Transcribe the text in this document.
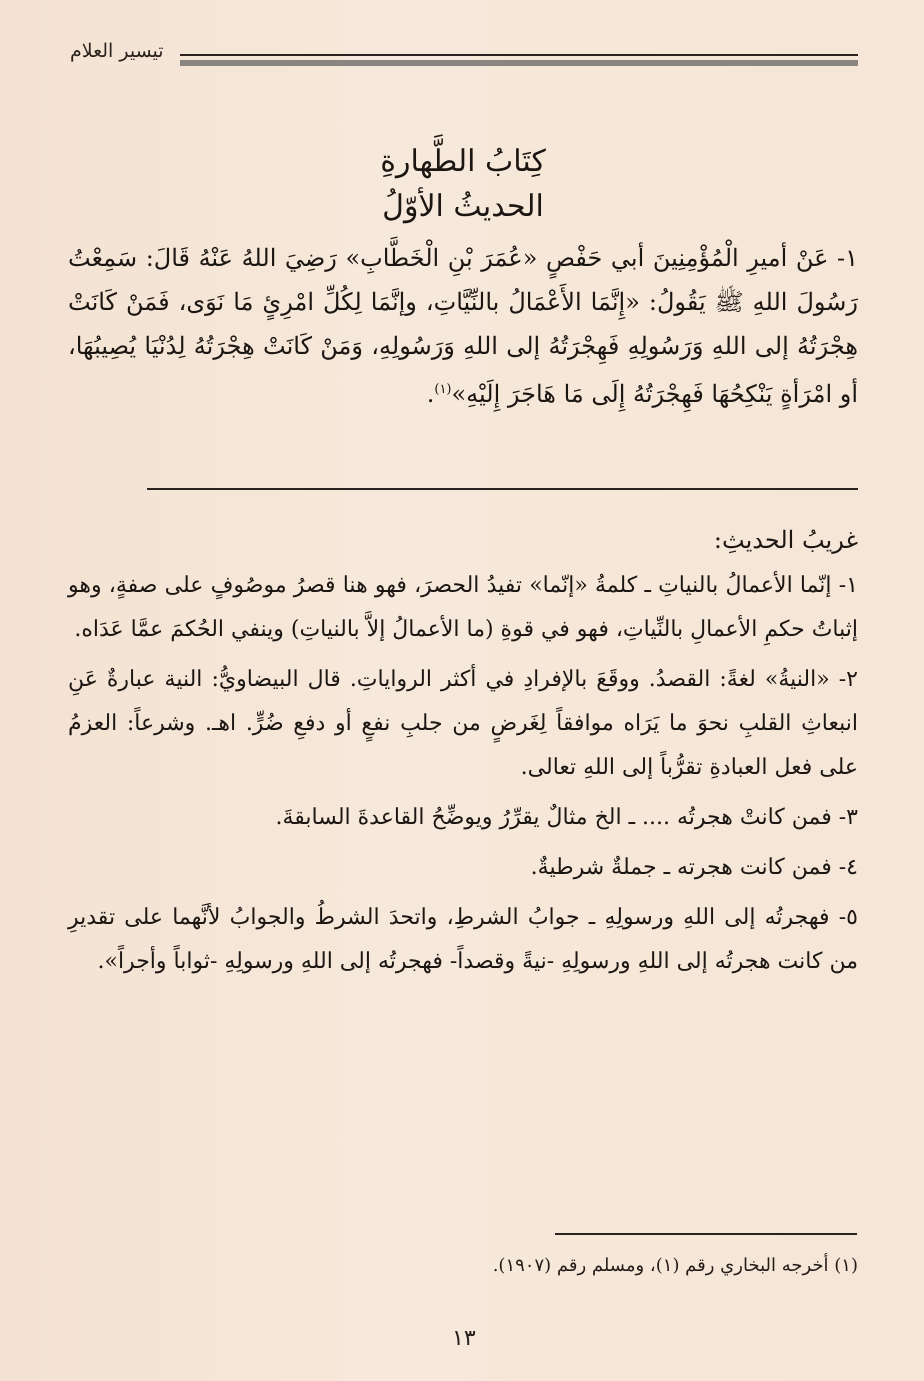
تيسير العلام
كِتَابُ الطَّهارةِ
الحديثُ الأوّلُ

١- عَنْ أميرِ الْمُؤْمِنِينَ أبي حَفْصٍ «عُمَرَ بْنِ الْخَطَّابِ» رَضِيَ اللهُ عَنْهُ قَالَ: سَمِعْتُ رَسُولَ اللهِ ﷺ يَقُولُ: «إِنَّمَا الأَعْمَالُ بالنِّيَّاتِ، وإنَّمَا لِكُلِّ امْرِئٍ مَا نَوَى، فَمَنْ كَانَتْ هِجْرَتُهُ إلى اللهِ وَرَسُولِهِ فَهِجْرَتُهُ إلى اللهِ وَرَسُولِهِ، وَمَنْ كَانَتْ هِجْرَتُهُ لِدُنْيَا يُصِيبُهَا، أو امْرَأةٍ يَنْكِحُهَا فَهِجْرَتُهُ إِلَى مَا هَاجَرَ إِلَيْهِ»$^{(١)}$.

غريبُ الحديثِ:

١- إنّما الأعمالُ بالنياتِ ـ كلمةُ «إنّما» تفيدُ الحصرَ، فهو هنا قصرُ موصُوفٍ على صفةٍ، وهو إثباتُ حكمِ الأعمالِ بالنِّياتِ، فهو في قوةِ (ما الأعمالُ إلاَّ بالنياتِ) وينفي الحُكمَ عمَّا عَدَاه.

٢- «النيةُ» لغةً: القصدُ. ووقَعَ بالإفرادِ في أكثر الرواياتِ. قال البيضاويُّ: النية عبارةٌ عَنِ انبعاثِ القلبِ نحوَ ما يَرَاه موافقاً لِغَرضٍ من جلبِ نفعٍ أو دفعِ ضُرٍّ. اهـ. وشرعاً: العزمُ على فعل العبادةِ تقرُّباً إلى اللهِ تعالى.

٣- فمن كانتْ هجرتُه .... ـ الخ مثالٌ يقرِّرُ ويوضِّحُ القاعدةَ السابقةَ.

٤- فمن كانت هجرته ـ جملةٌ شرطيةٌ.

٥- فهجرتُه إلى اللهِ ورسولِهِ ـ جوابُ الشرطِ، واتحدَ الشرطُ والجوابُ لأنَّهما على تقديرِ من كانت هجرتُه إلى اللهِ ورسولِهِ -نيةً وقصداً- فهجرتُه إلى اللهِ ورسولِهِ -ثواباً وأجراً».

(١) أخرجه البخاري رقم (١)، ومسلم رقم (١٩٠٧).
١٣
